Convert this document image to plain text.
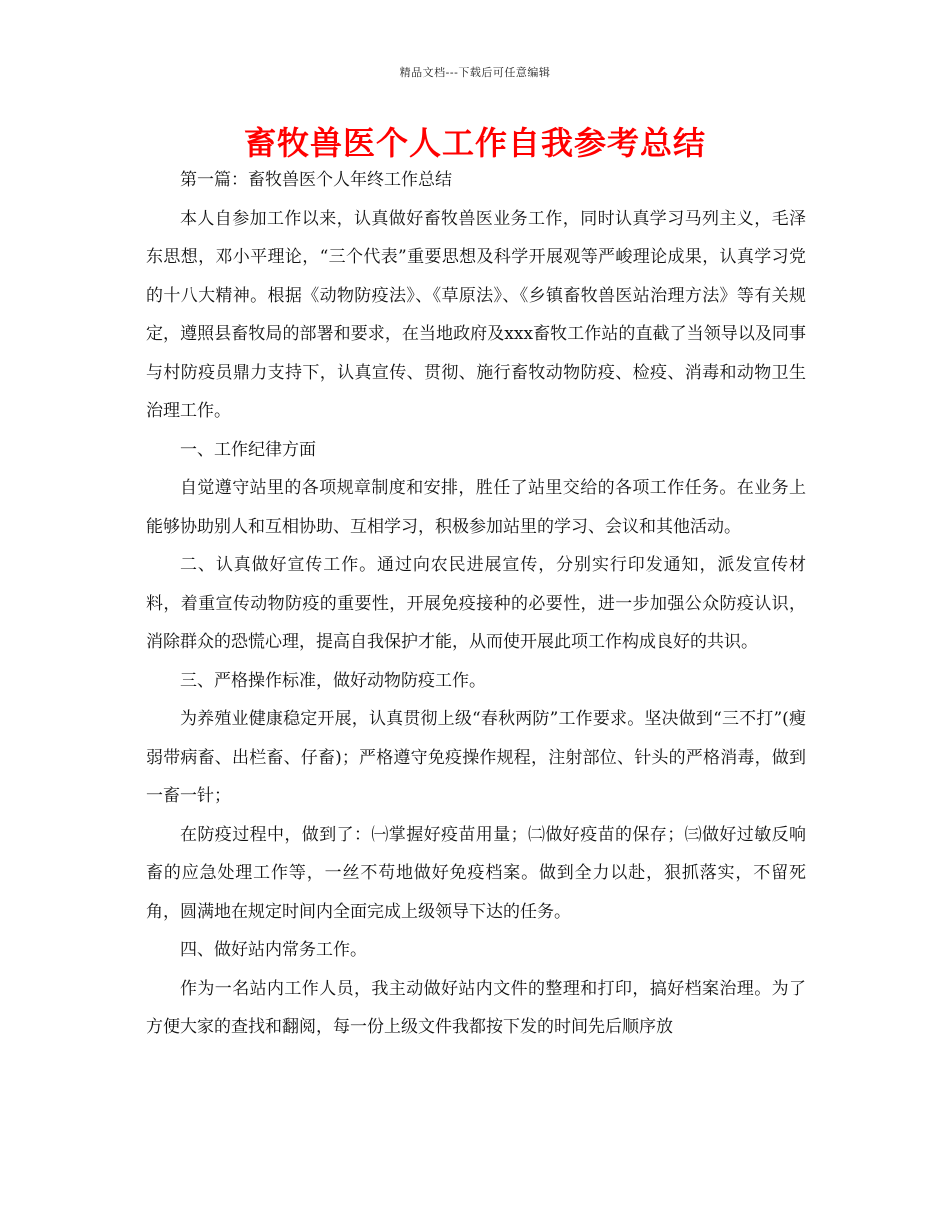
精品文档---下载后可任意编辑
畜牧兽医个人工作自我参考总结

第一篇：畜牧兽医个人年终工作总结

本人自参加工作以来，认真做好畜牧兽医业务工作，同时认真学习马列主义，毛泽东思想，邓小平理论，“三个代表”重要思想及科学开展观等严峻理论成果，认真学习党的十八大精神。根据《动物防疫法》、《草原法》、《乡镇畜牧兽医站治理方法》等有关规定，遵照县畜牧局的部署和要求，在当地政府及xxx畜牧工作站的直截了当领导以及同事与村防疫员鼎力支持下，认真宣传、贯彻、施行畜牧动物防疫、检疫、消毒和动物卫生治理工作。

一、工作纪律方面

自觉遵守站里的各项规章制度和安排，胜任了站里交给的各项工作任务。在业务上能够协助别人和互相协助、互相学习，积极参加站里的学习、会议和其他活动。

二、认真做好宣传工作。通过向农民进展宣传，分别实行印发通知，派发宣传材料，着重宣传动物防疫的重要性，开展免疫接种的必要性，进一步加强公众防疫认识，消除群众的恐慌心理，提高自我保护才能，从而使开展此项工作构成良好的共识。

三、严格操作标准，做好动物防疫工作。

为养殖业健康稳定开展，认真贯彻上级“春秋两防”工作要求。坚决做到“三不打”(瘦弱带病畜、出栏畜、仔畜)；严格遵守免疫操作规程，注射部位、针头的严格消毒，做到一畜一针；

在防疫过程中，做到了：㈠掌握好疫苗用量；㈡做好疫苗的保存；㈢做好过敏反响畜的应急处理工作等，一丝不苟地做好免疫档案。做到全力以赴，狠抓落实，不留死角，圆满地在规定时间内全面完成上级领导下达的任务。

四、做好站内常务工作。

作为一名站内工作人员，我主动做好站内文件的整理和打印，搞好档案治理。为了方便大家的查找和翻阅，每一份上级文件我都按下发的时间先后顺序放
